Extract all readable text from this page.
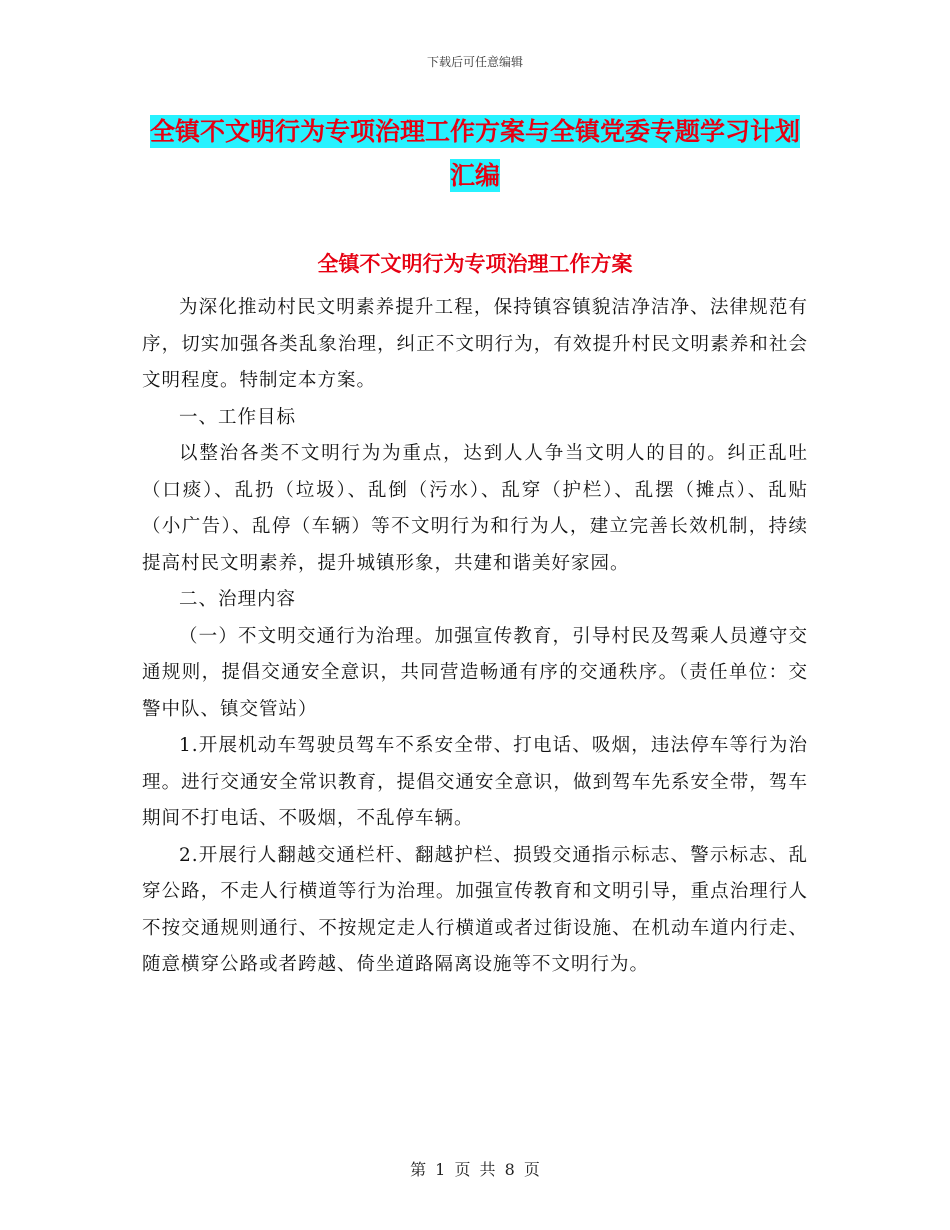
下载后可任意编辑
全镇不文明行为专项治理工作方案与全镇党委专题学习计划汇编
全镇不文明行为专项治理工作方案

为深化推动村民文明素养提升工程，保持镇容镇貌洁净洁净、法律规范有序，切实加强各类乱象治理，纠正不文明行为，有效提升村民文明素养和社会文明程度。特制定本方案。

一、工作目标

以整治各类不文明行为为重点，达到人人争当文明人的目的。纠正乱吐（口痰）、乱扔（垃圾）、乱倒（污水）、乱穿（护栏）、乱摆（摊点）、乱贴（小广告）、乱停（车辆）等不文明行为和行为人，建立完善长效机制，持续提高村民文明素养，提升城镇形象，共建和谐美好家园。

二、治理内容

（一）不文明交通行为治理。加强宣传教育，引导村民及驾乘人员遵守交通规则，提倡交通安全意识，共同营造畅通有序的交通秩序。（责任单位：交警中队、镇交管站）

1.开展机动车驾驶员驾车不系安全带、打电话、吸烟，违法停车等行为治理。进行交通安全常识教育，提倡交通安全意识，做到驾车先系安全带，驾车期间不打电话、不吸烟，不乱停车辆。

2.开展行人翻越交通栏杆、翻越护栏、损毁交通指示标志、警示标志、乱穿公路，不走人行横道等行为治理。加强宣传教育和文明引导，重点治理行人不按交通规则通行、不按规定走人行横道或者过街设施、在机动车道内行走、随意横穿公路或者跨越、倚坐道路隔离设施等不文明行为。

第 1 页 共 8 页
